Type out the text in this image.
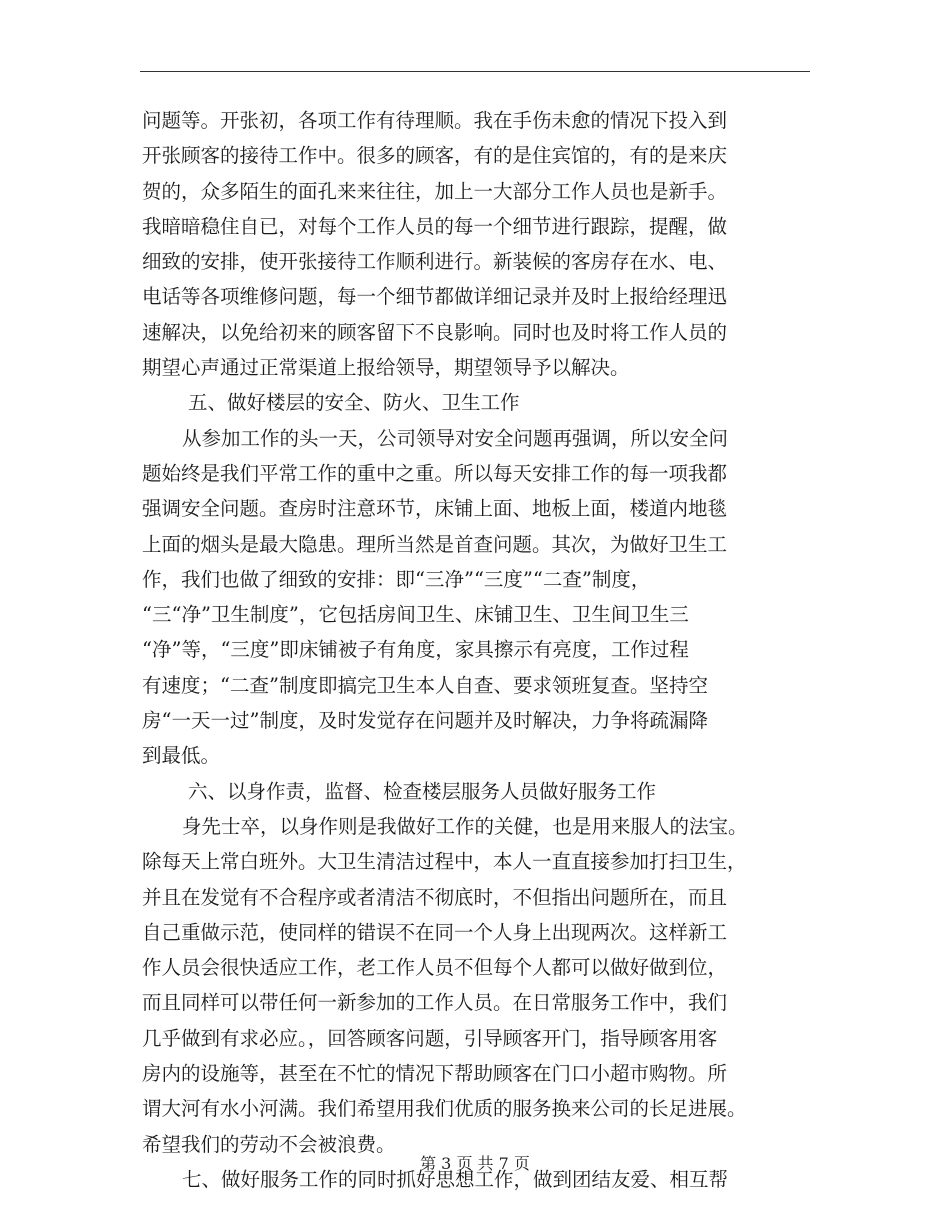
问题等。开张初，各项工作有待理顺。我在手伤未愈的情况下投入到
开张顾客的接待工作中。很多的顾客，有的是住宾馆的，有的是来庆
贺的，众多陌生的面孔来来往往，加上一大部分工作人员也是新手。
我暗暗稳住自已，对每个工作人员的每一个细节进行跟踪，提醒，做
细致的安排，使开张接待工作顺利进行。新装候的客房存在水、电、
电话等各项维修问题，每一个细节都做详细记录并及时上报给经理迅
速解决，以免给初来的顾客留下不良影响。同时也及时将工作人员的
期望心声通过正常渠道上报给领导，期望领导予以解决。
五、做好楼层的安全、防火、卫生工作
从参加工作的头一天，公司领导对安全问题再强调，所以安全问
题始终是我们平常工作的重中之重。所以每天安排工作的每一项我都
强调安全问题。查房时注意环节，床铺上面、地板上面，楼道内地毯
上面的烟头是最大隐患。理所当然是首查问题。其次，为做好卫生工
作，我们也做了细致的安排：即“三净”“三度”“二查”制度，
“三“净”卫生制度”，它包括房间卫生、床铺卫生、卫生间卫生三
“净”等，“三度”即床铺被子有角度，家具擦示有亮度，工作过程
有速度；“二查”制度即搞完卫生本人自查、要求领班复查。坚持空
房“一天一过”制度，及时发觉存在问题并及时解决，力争将疏漏降
到最低。
六、以身作责，监督、检查楼层服务人员做好服务工作
身先士卒，以身作则是我做好工作的关健，也是用来服人的法宝。
除每天上常白班外。大卫生清洁过程中，本人一直直接参加打扫卫生，
并且在发觉有不合程序或者清洁不彻底时，不但指出问题所在，而且
自己重做示范，使同样的错误不在同一个人身上出现两次。这样新工
作人员会很快适应工作，老工作人员不但每个人都可以做好做到位，
而且同样可以带任何一新参加的工作人员。在日常服务工作中，我们
几乎做到有求必应。，回答顾客问题，引导顾客开门，指导顾客用客
房内的设施等，甚至在不忙的情况下帮助顾客在门口小超市购物。所
谓大河有水小河满。我们希望用我们优质的服务换来公司的长足进展。
希望我们的劳动不会被浪费。
七、做好服务工作的同时抓好思想工作，做到团结友爱、相互帮
第 3 页 共 7 页
